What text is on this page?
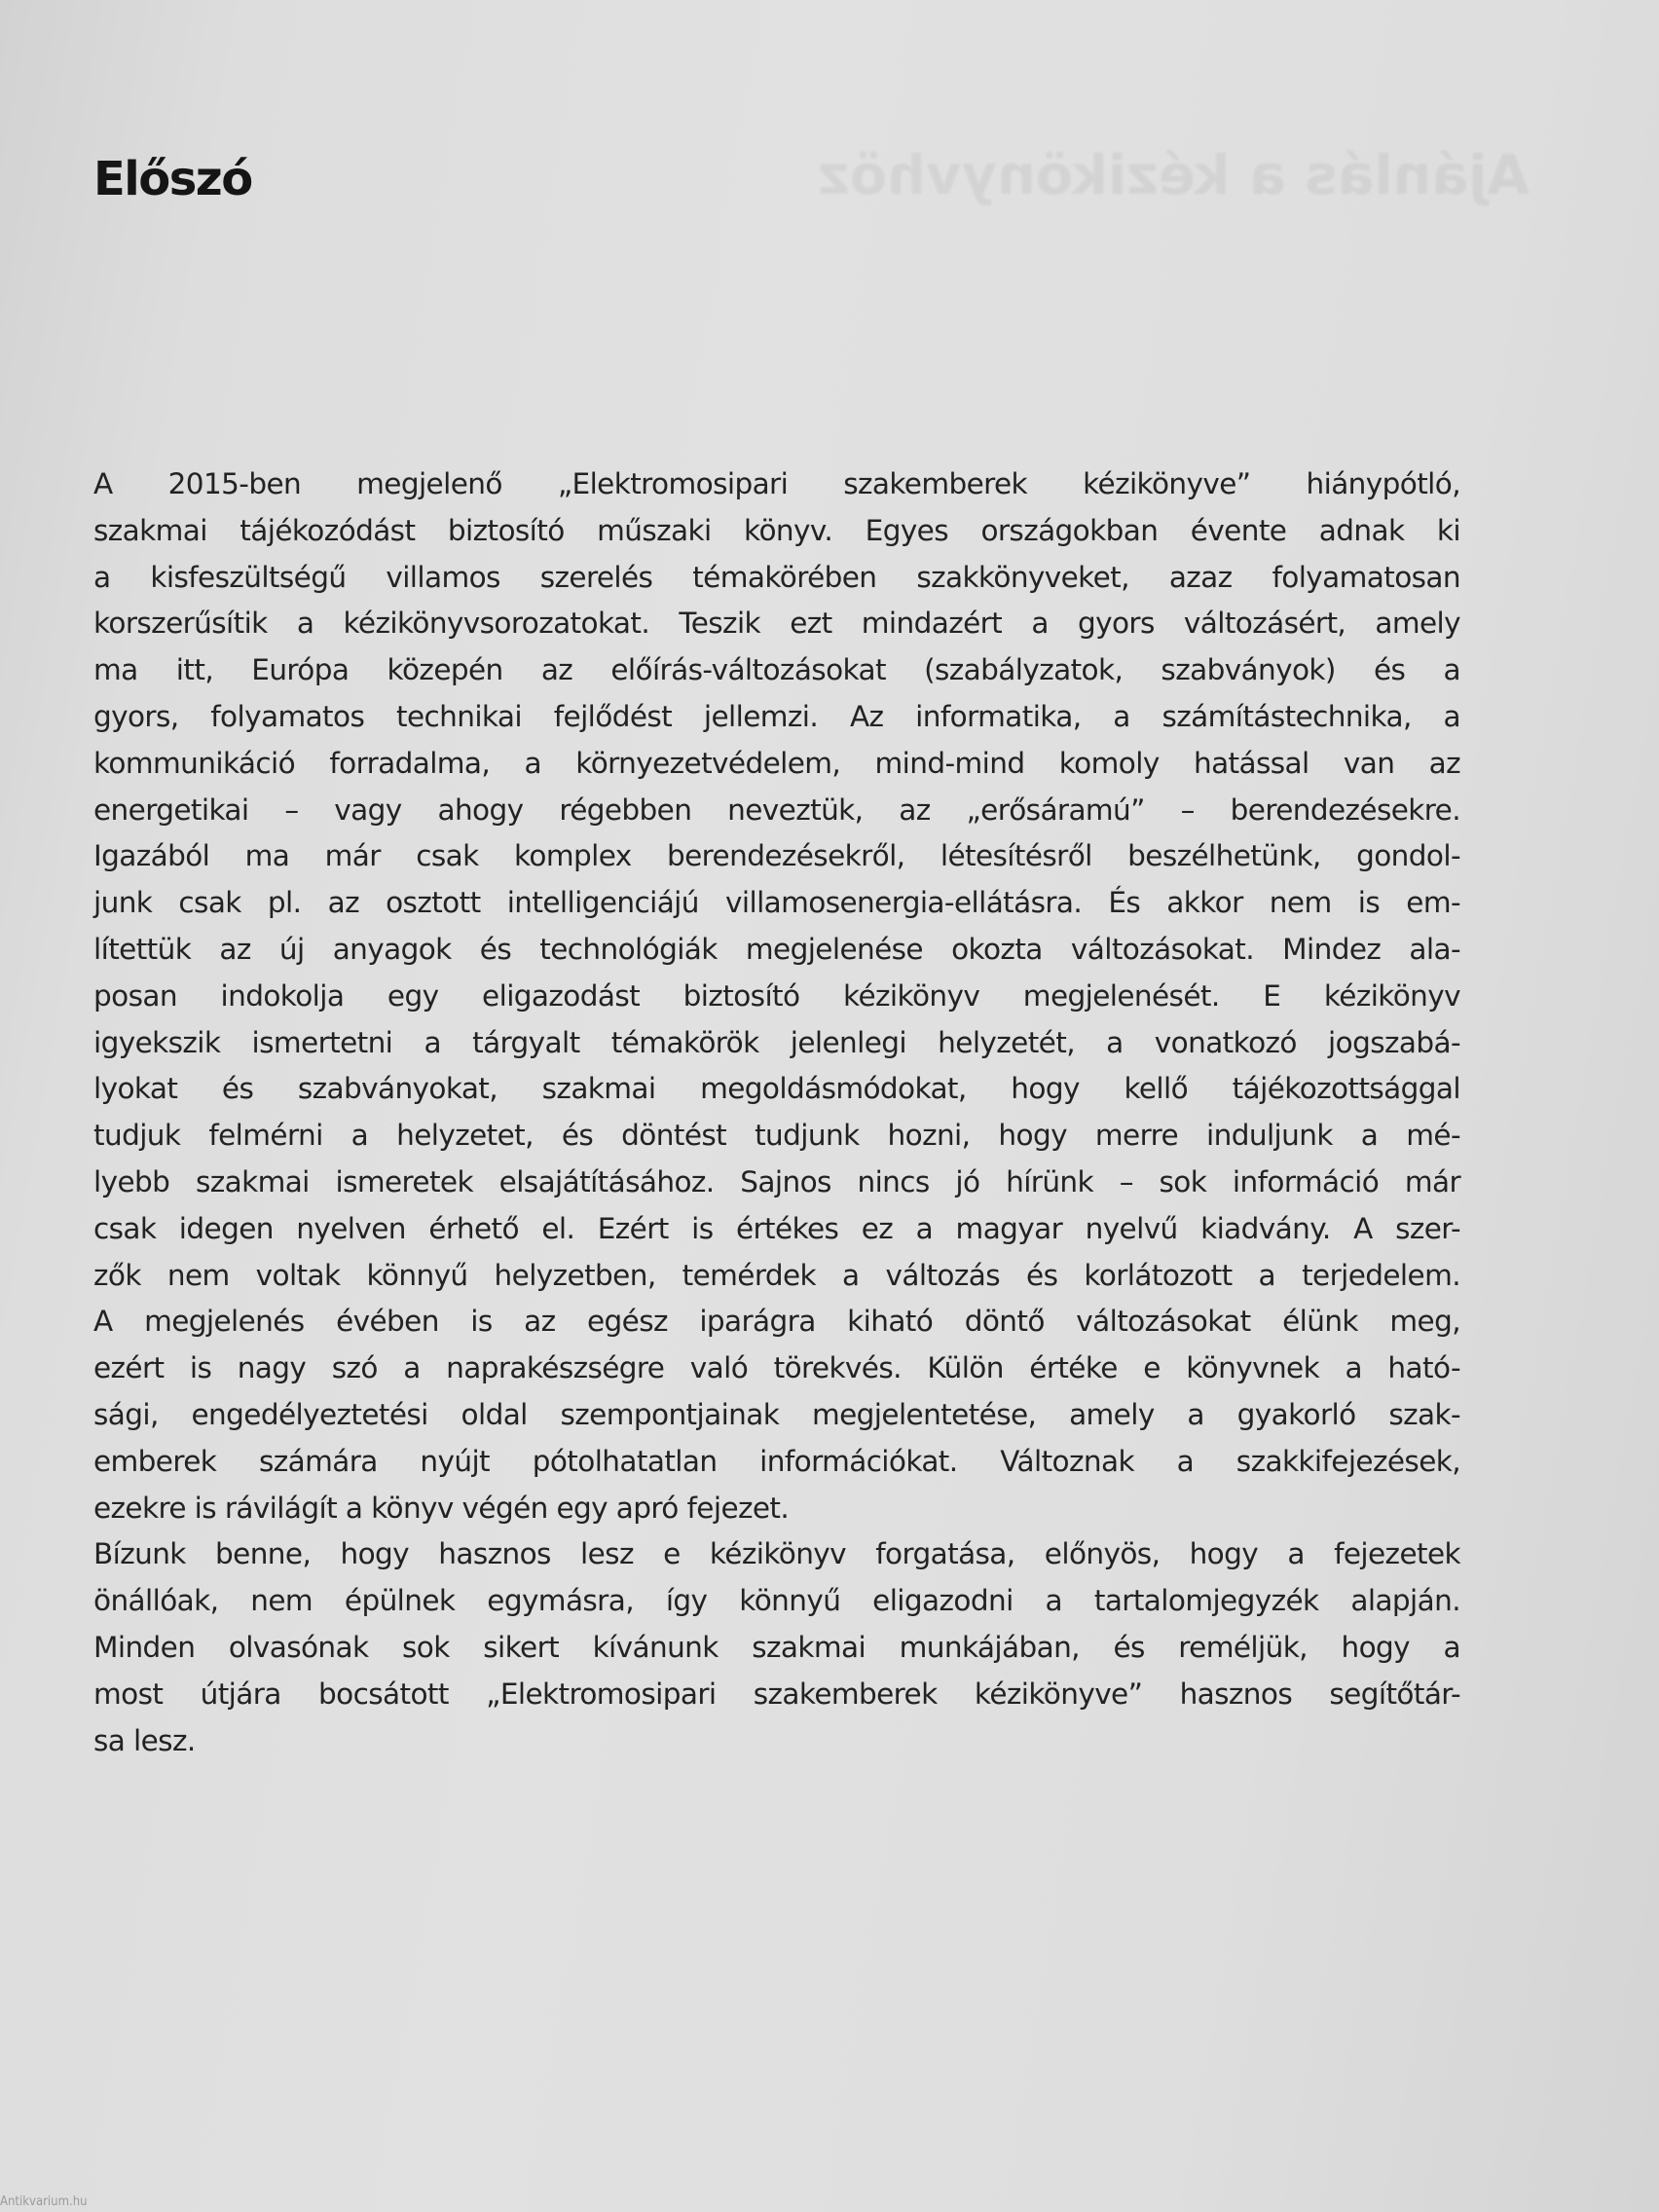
Ajánlás a kézikönyvhöz
Előszó
A 2015-ben megjelenő „Elektromosipari szakemberek kézikönyve” hiánypótló,
szakmai tájékozódást biztosító műszaki könyv. Egyes országokban évente adnak ki
a kisfeszültségű villamos szerelés témakörében szakkönyveket, azaz folyamatosan
korszerűsítik a kézikönyvsorozatokat. Teszik ezt mindazért a gyors változásért, amely
ma itt, Európa közepén az előírás-változásokat (szabályzatok, szabványok) és a
gyors, folyamatos technikai fejlődést jellemzi. Az informatika, a számítástechnika, a
kommunikáció forradalma, a környezetvédelem, mind-mind komoly hatással van az
energetikai – vagy ahogy régebben neveztük, az „erősáramú” – berendezésekre.
Igazából ma már csak komplex berendezésekről, létesítésről beszélhetünk, gondol-
junk csak pl. az osztott intelligenciájú villamosenergia-ellátásra. És akkor nem is em-
lítettük az új anyagok és technológiák megjelenése okozta változásokat. Mindez ala-
posan indokolja egy eligazodást biztosító kézikönyv megjelenését. E kézikönyv
igyekszik ismertetni a tárgyalt témakörök jelenlegi helyzetét, a vonatkozó jogszabá-
lyokat és szabványokat, szakmai megoldásmódokat, hogy kellő tájékozottsággal
tudjuk felmérni a helyzetet, és döntést tudjunk hozni, hogy merre induljunk a mé-
lyebb szakmai ismeretek elsajátításához. Sajnos nincs jó hírünk – sok információ már
csak idegen nyelven érhető el. Ezért is értékes ez a magyar nyelvű kiadvány. A szer-
zők nem voltak könnyű helyzetben, temérdek a változás és korlátozott a terjedelem.
A megjelenés évében is az egész iparágra kiható döntő változásokat élünk meg,
ezért is nagy szó a naprakészségre való törekvés. Külön értéke e könyvnek a ható-
sági, engedélyeztetési oldal szempontjainak megjelentetése, amely a gyakorló szak-
emberek számára nyújt pótolhatatlan információkat. Változnak a szakkifejezések,
ezekre is rávilágít a könyv végén egy apró fejezet.
Bízunk benne, hogy hasznos lesz e kézikönyv forgatása, előnyös, hogy a fejezetek
önállóak, nem épülnek egymásra, így könnyű eligazodni a tartalomjegyzék alapján.
Minden olvasónak sok sikert kívánunk szakmai munkájában, és reméljük, hogy a
most útjára bocsátott „Elektromosipari szakemberek kézikönyve” hasznos segítőtár-
sa lesz.
Antikvarium.hu
